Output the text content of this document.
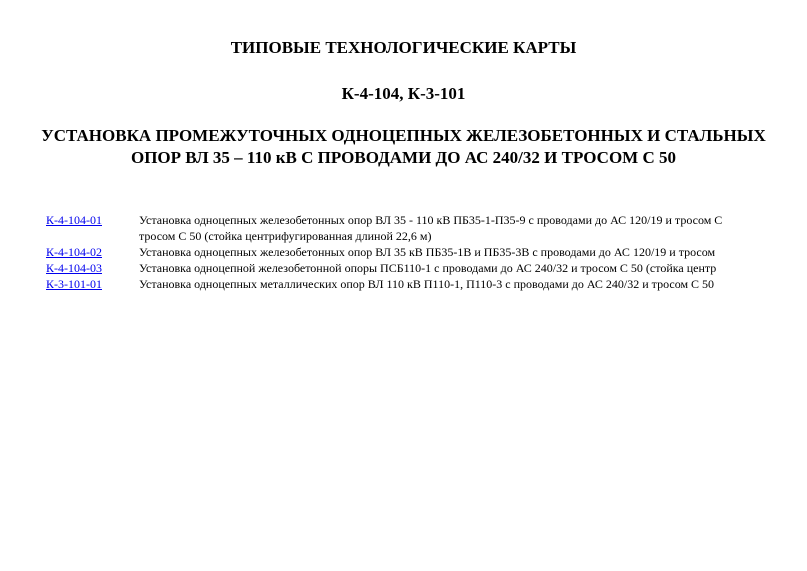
ТИПОВЫЕ ТЕХНОЛОГИЧЕСКИЕ КАРТЫ
К-4-104, К-3-101
УСТАНОВКА ПРОМЕЖУТОЧНЫХ ОДНОЦЕПНЫХ ЖЕЛЕЗОБЕТОННЫХ И СТАЛЬНЫХ ОПОР ВЛ 35 – 110 кВ С ПРОВОДАМИ ДО АС 240/32 И ТРОСОМ С 50
К-4-104-01	Установка одноцепных железобетонных опор ВЛ 35 - 110 кВ ПБ35-1-П35-9 с проводами до АС 120/19 и тросом С
тросом С 50 (стойка центрифугированная длиной 22,6 м)
К-4-104-02	Установка одноцепных железобетонных опор ВЛ 35 кВ ПБ35-1В и ПБ35-3В с проводами до АС 120/19 и тросом
К-4-104-03	Установка одноцепной железобетонной опоры ПСБ110-1 с проводами до АС 240/32 и тросом С 50 (стойка центр
К-3-101-01	Установка одноцепных металлических опор ВЛ 110 кВ П110-1, П110-3 с проводами до АС 240/32 и тросом С 50
